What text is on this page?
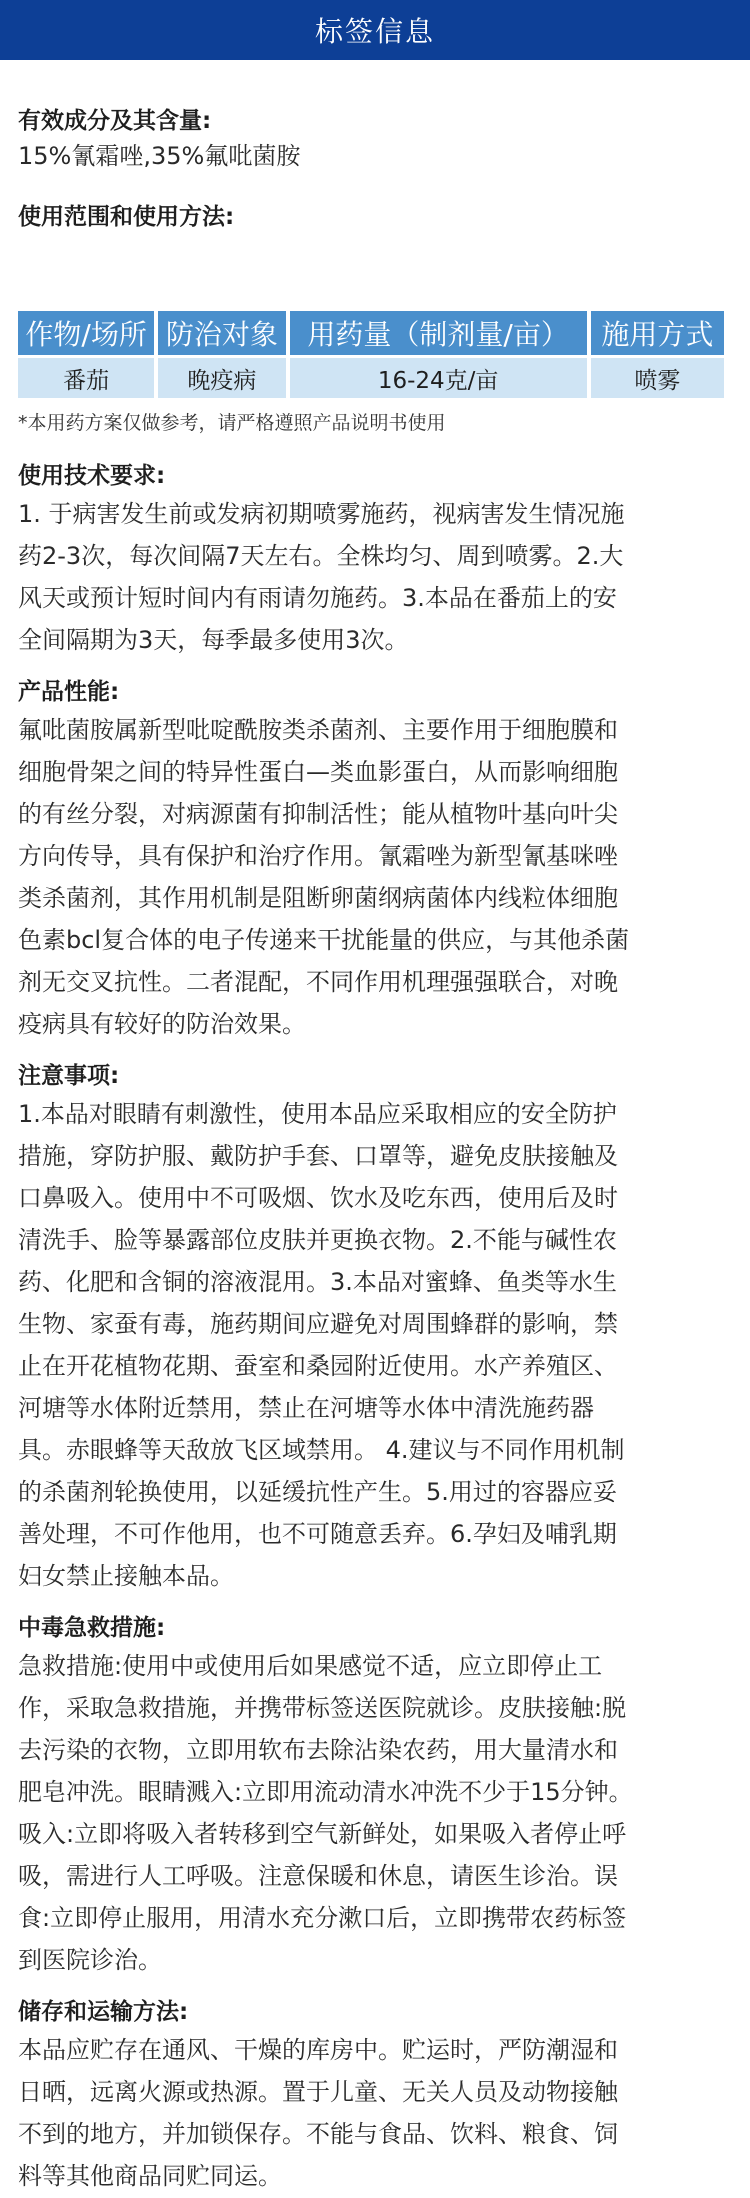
标签信息
有效成分及其含量:
15%氰霜唑,35%氟吡菌胺
使用范围和使用方法:
作物/场所	防治对象	用药量（制剂量/亩）	施用方式
番茄	晚疫病	16-24克/亩	喷雾
*本用药方案仅做参考，请严格遵照产品说明书使用
使用技术要求:
1. 于病害发生前或发病初期喷雾施药，视病害发生情况施
药2-3次，每次间隔7天左右。全株均匀、周到喷雾。2.大
风天或预计短时间内有雨请勿施药。3.本品在番茄上的安
全间隔期为3天，每季最多使用3次。
产品性能:
氟吡菌胺属新型吡啶酰胺类杀菌剂、主要作用于细胞膜和
细胞骨架之间的特异性蛋白—类血影蛋白，从而影响细胞
的有丝分裂，对病源菌有抑制活性；能从植物叶基向叶尖
方向传导，具有保护和治疗作用。氰霜唑为新型氰基咪唑
类杀菌剂，其作用机制是阻断卵菌纲病菌体内线粒体细胞
色素bcl复合体的电子传递来干扰能量的供应，与其他杀菌
剂无交叉抗性。二者混配，不同作用机理强强联合，对晚
疫病具有较好的防治效果。
注意事项:
1.本品对眼睛有刺激性，使用本品应采取相应的安全防护
措施，穿防护服、戴防护手套、口罩等，避免皮肤接触及
口鼻吸入。使用中不可吸烟、饮水及吃东西，使用后及时
清洗手、脸等暴露部位皮肤并更换衣物。2.不能与碱性农
药、化肥和含铜的溶液混用。3.本品对蜜蜂、鱼类等水生
生物、家蚕有毒，施药期间应避免对周围蜂群的影响，禁
止在开花植物花期、蚕室和桑园附近使用。水产养殖区、
河塘等水体附近禁用，禁止在河塘等水体中清洗施药器
具。赤眼蜂等天敌放飞区域禁用。 4.建议与不同作用机制
的杀菌剂轮换使用，以延缓抗性产生。5.用过的容器应妥
善处理，不可作他用，也不可随意丢弃。6.孕妇及哺乳期
妇女禁止接触本品。
中毒急救措施:
急救措施:使用中或使用后如果感觉不适，应立即停止工
作，采取急救措施，并携带标签送医院就诊。皮肤接触:脱
去污染的衣物，立即用软布去除沾染农药，用大量清水和
肥皂冲洗。眼睛溅入:立即用流动清水冲洗不少于15分钟。
吸入:立即将吸入者转移到空气新鲜处，如果吸入者停止呼
吸，需进行人工呼吸。注意保暖和休息，请医生诊治。误
食:立即停止服用，用清水充分漱口后，立即携带农药标签
到医院诊治。
储存和运输方法:
本品应贮存在通风、干燥的库房中。贮运时，严防潮湿和
日晒，远离火源或热源。置于儿童、无关人员及动物接触
不到的地方，并加锁保存。不能与食品、饮料、粮食、饲
料等其他商品同贮同运。
